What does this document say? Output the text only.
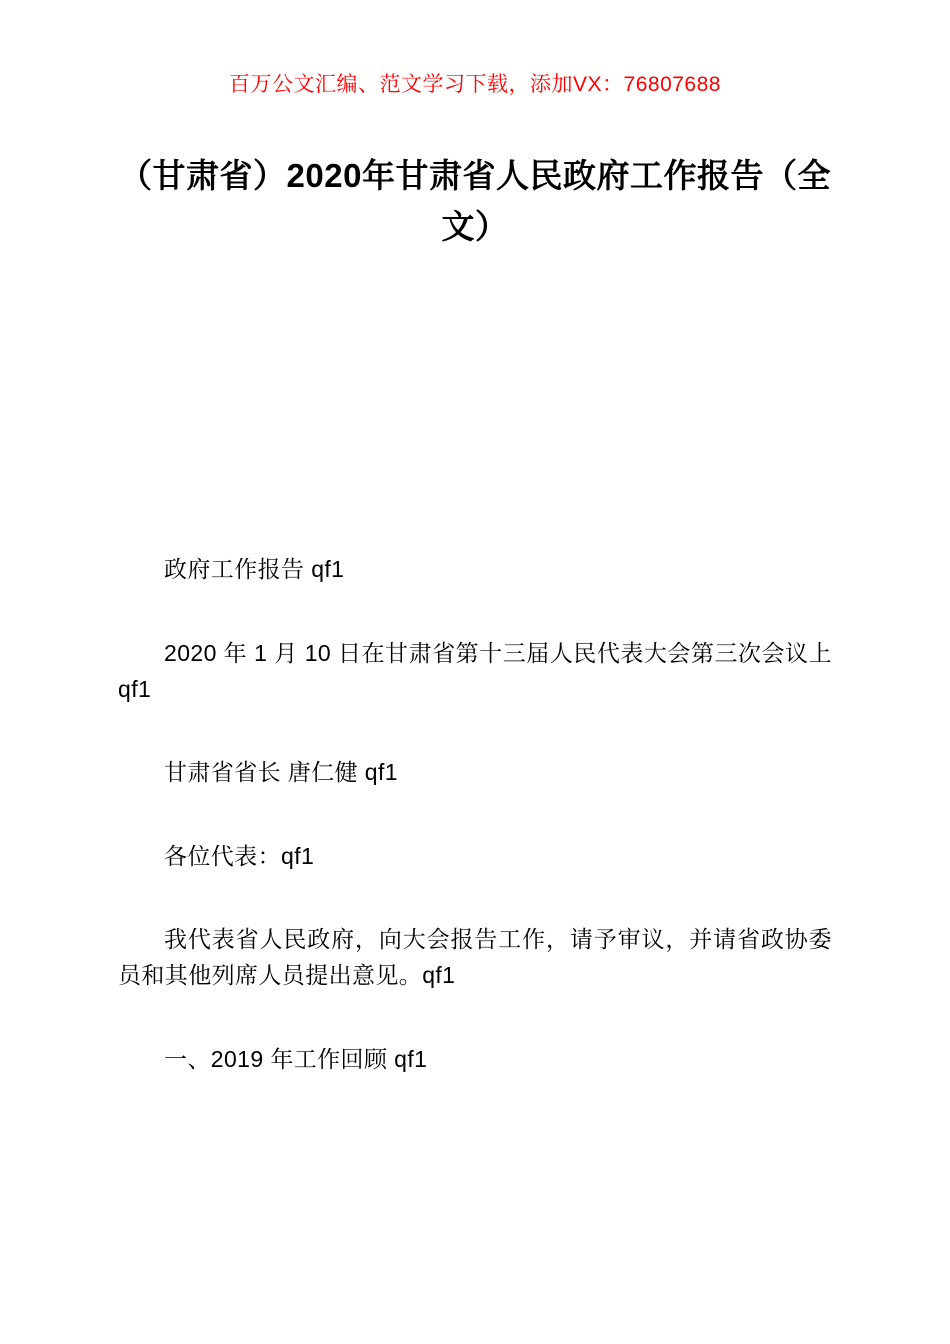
百万公文汇编、范文学习下载，添加VX：76807688
（甘肃省）2020年甘肃省人民政府工作报告（全文）

政府工作报告 qf1

2020 年 1 月 10 日在甘肃省第十三届人民代表大会第三次会议上 qf1

甘肃省省长 唐仁健 qf1

各位代表：qf1

我代表省人民政府，向大会报告工作，请予审议，并请省政协委员和其他列席人员提出意见。qf1

一、2019 年工作回顾 qf1
